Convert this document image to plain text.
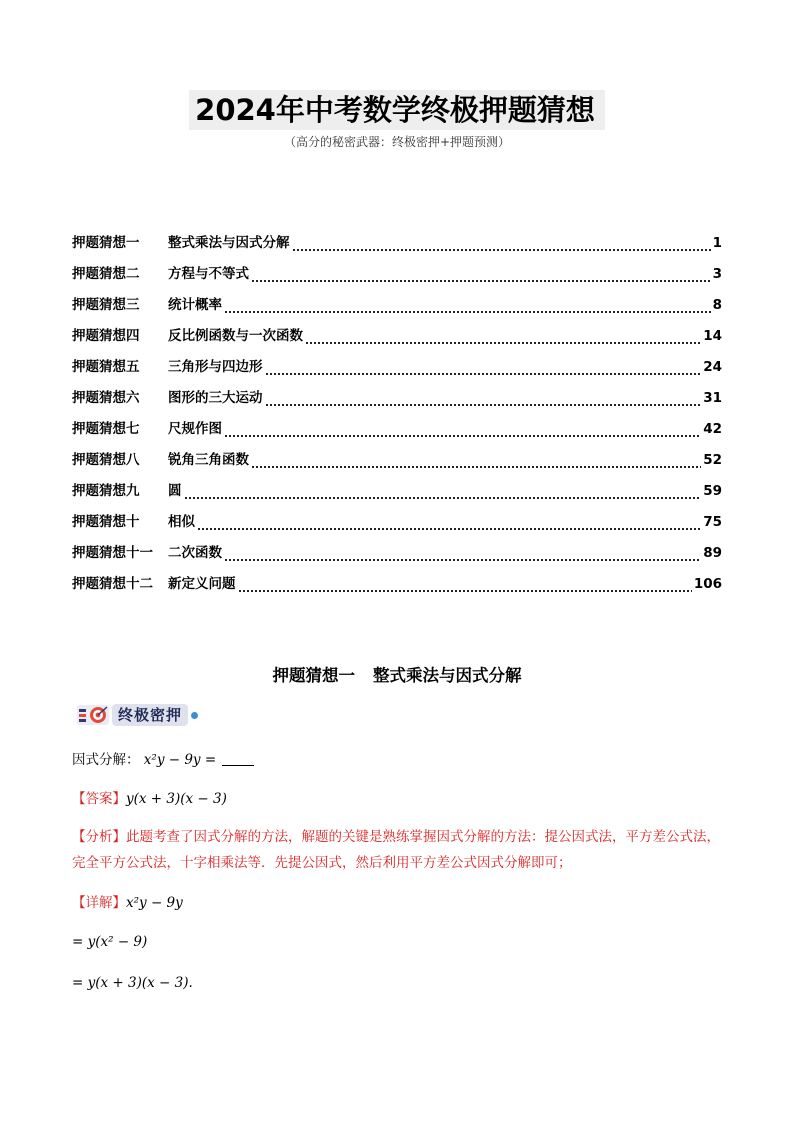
2024年中考数学终极押题猜想
（高分的秘密武器：终极密押+押题预测）
押题猜想一	整式乘法与因式分解	1
押题猜想二	方程与不等式	3
押题猜想三	统计概率	8
押题猜想四	反比例函数与一次函数	14
押题猜想五	三角形与四边形	24
押题猜想六	图形的三大运动	31
押题猜想七	尺规作图	42
押题猜想八	锐角三角函数	52
押题猜想九	圆	59
押题猜想十	相似	75
押题猜想十一	二次函数	89
押题猜想十二	新定义问题	106
押题猜想一 整式乘法与因式分解
终极密押
因式分解： x²y − 9y =
【答案】y(x + 3)(x − 3)
【分析】此题考查了因式分解的方法，解题的关键是熟练掌握因式分解的方法：提公因式法，平方差公式法，完全平方公式法，十字相乘法等．先提公因式，然后利用平方差公式因式分解即可；
【详解】x²y − 9y
= y(x² − 9)
= y(x + 3)(x − 3).
